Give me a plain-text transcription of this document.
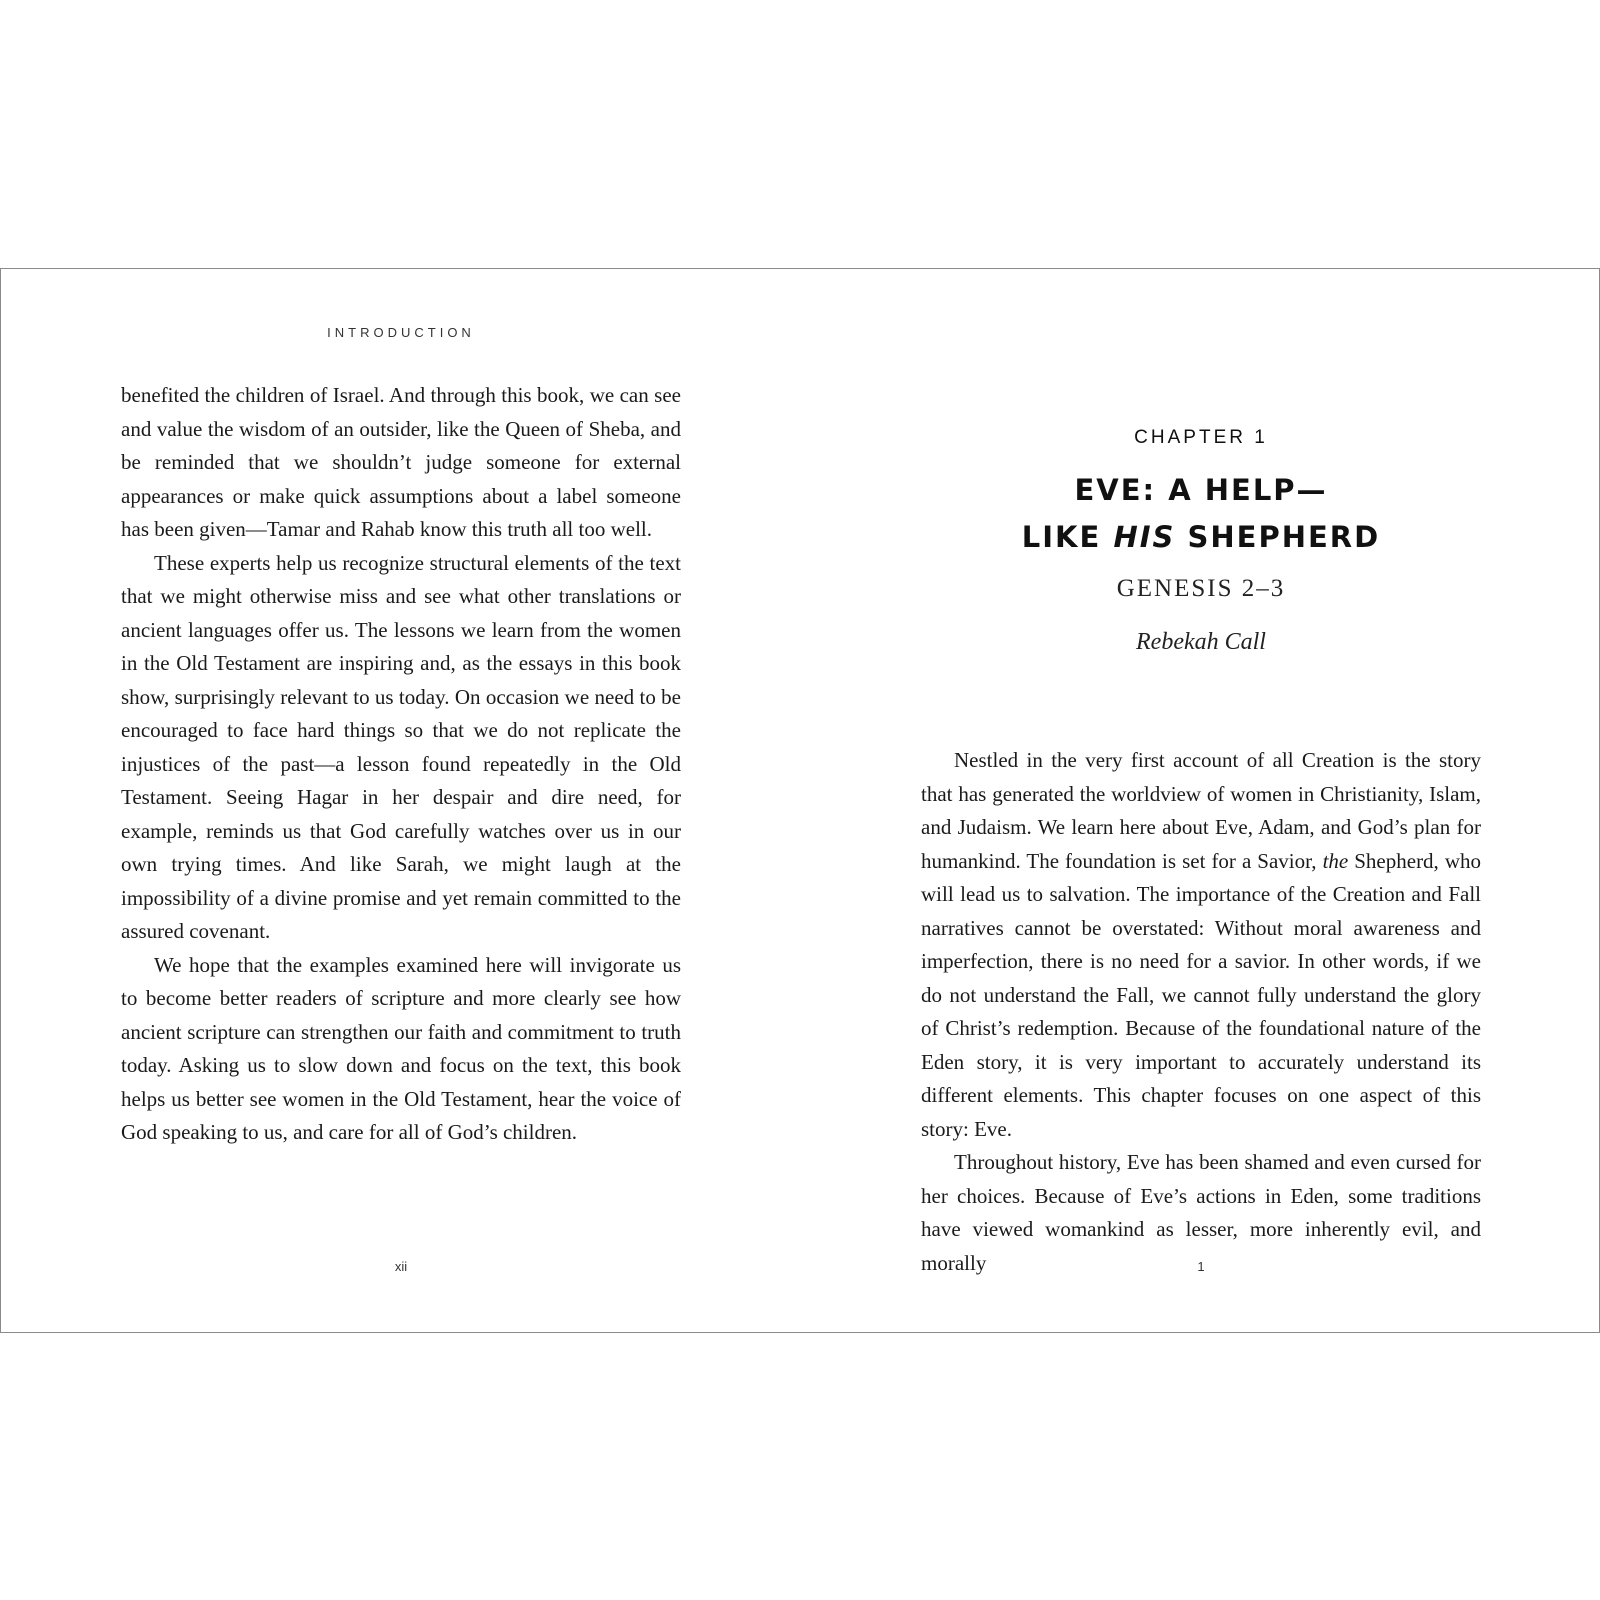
INTRODUCTION

benefited the children of Israel. And through this book, we can see and value the wisdom of an outsider, like the Queen of Sheba, and be reminded that we shouldn’t judge someone for external appearances or make quick assumptions about a label someone has been given—Tamar and Rahab know this truth all too well.

These experts help us recognize structural elements of the text that we might otherwise miss and see what other translations or ancient languages offer us. The lessons we learn from the women in the Old Testament are inspiring and, as the essays in this book show, surprisingly relevant to us today. On occasion we need to be encouraged to face hard things so that we do not replicate the injustices of the past—a lesson found repeatedly in the Old Testament. Seeing Hagar in her despair and dire need, for example, reminds us that God carefully watches over us in our own trying times. And like Sarah, we might laugh at the impossibility of a divine promise and yet remain committed to the assured covenant.

We hope that the examples examined here will invigorate us to become better readers of scripture and more clearly see how ancient scripture can strengthen our faith and commitment to truth today. Asking us to slow down and focus on the text, this book helps us better see women in the Old Testament, hear the voice of God speaking to us, and care for all of God’s children.

xii
CHAPTER 1
EVE: A HELP—
LIKE HIS SHEPHERD
GENESIS 2–3
Rebekah Call

Nestled in the very first account of all Creation is the story that has generated the worldview of women in Christianity, Islam, and Judaism. We learn here about Eve, Adam, and God’s plan for humankind. The foundation is set for a Savior, the Shepherd, who will lead us to salvation. The importance of the Creation and Fall narratives cannot be overstated: Without moral awareness and imperfection, there is no need for a savior. In other words, if we do not understand the Fall, we cannot fully understand the glory of Christ’s redemption. Because of the foundational nature of the Eden story, it is very important to accurately understand its different elements. This chapter focuses on one aspect of this story: Eve.

Throughout history, Eve has been shamed and even cursed for her choices. Because of Eve’s actions in Eden, some traditions have viewed womankind as lesser, more inherently evil, and morally	1
